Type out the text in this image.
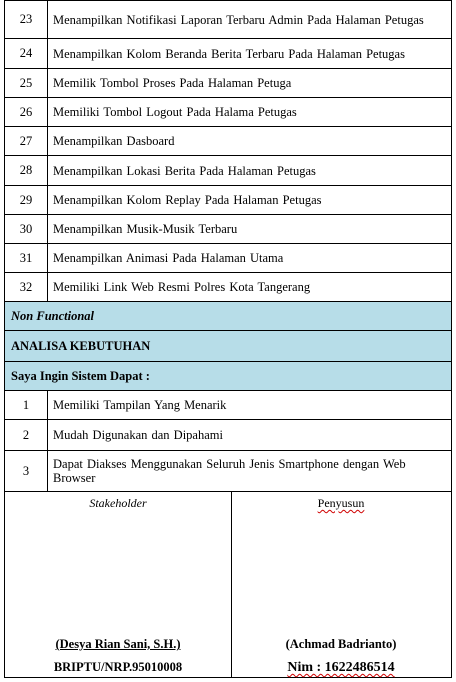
23	Menampilkan Notifikasi Laporan Terbaru Admin Pada Halaman Petugas
24	Menampilkan Kolom Beranda Berita Terbaru Pada Halaman Petugas
25	Memilik Tombol Proses Pada Halaman Petuga
26	Memiliki Tombol Logout Pada Halama Petugas
27	Menampilkan Dasboard
28	Menampilkan Lokasi Berita Pada Halaman Petugas
29	Menampilkan Kolom Replay Pada Halaman Petugas
30	Menampilkan Musik-Musik Terbaru
31	Menampilkan Animasi Pada Halaman Utama
32	Memiliki Link Web Resmi Polres Kota Tangerang
Non Functional
ANALISA KEBUTUHAN
Saya Ingin Sistem Dapat :
1	Memiliki Tampilan Yang Menarik
2	Mudah Digunakan dan Dipahami
3	Dapat Diakses Menggunakan Seluruh Jenis Smartphone dengan Web Browser
Stakeholder
(Desya Rian Sani, S.H.)
BRIPTU/NRP.95010008
Penyusun
(Achmad Badrianto)
Nim : 1622486514
